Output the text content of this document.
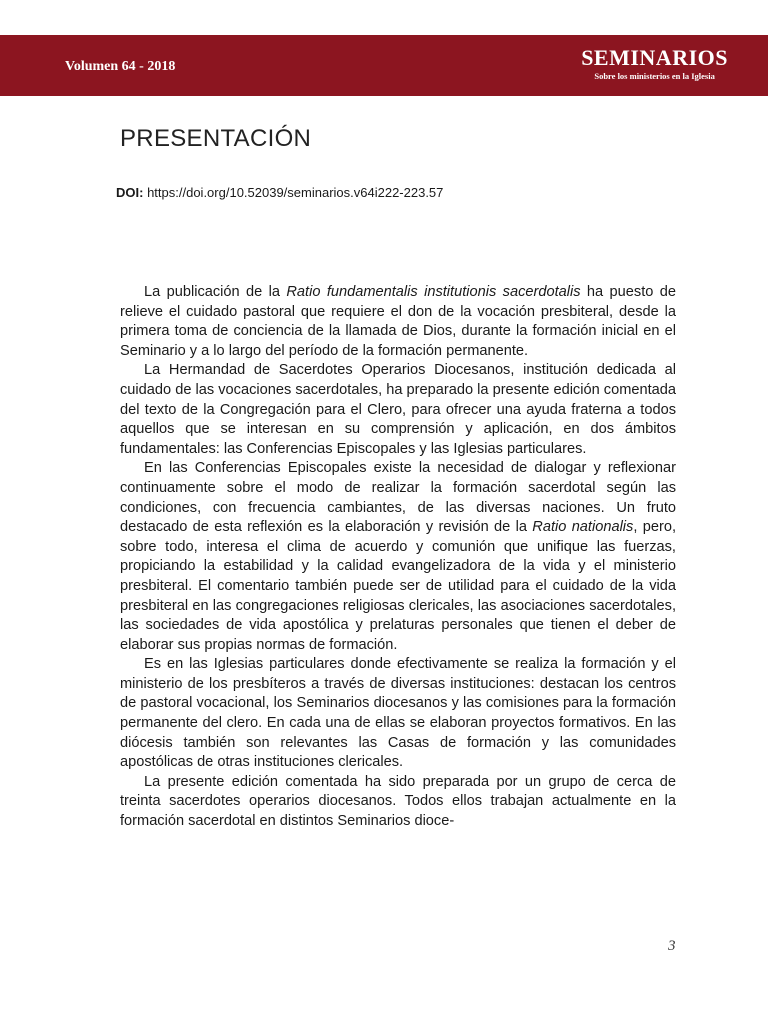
Volumen 64 - 2018	SEMINARIOS
Sobre los ministerios en la Iglesia
PRESENTACIÓN
DOI: https://doi.org/10.52039/seminarios.v64i222-223.57

La publicación de la Ratio fundamentalis institutionis sacerdotalis ha puesto de relieve el cuidado pastoral que requiere el don de la vocación presbiteral, desde la primera toma de conciencia de la llamada de Dios, durante la formación inicial en el Seminario y a lo largo del período de la formación permanente.

La Hermandad de Sacerdotes Operarios Diocesanos, institución dedicada al cuidado de las vocaciones sacerdotales, ha preparado la presente edición comentada del texto de la Congregación para el Clero, para ofrecer una ayuda fraterna a todos aquellos que se interesan en su comprensión y aplicación, en dos ámbitos fundamentales: las Conferencias Episcopales y las Iglesias particulares.

En las Conferencias Episcopales existe la necesidad de dialogar y reflexionar continuamente sobre el modo de realizar la formación sacerdotal según las condiciones, con frecuencia cambiantes, de las diversas naciones. Un fruto destacado de esta reflexión es la elaboración y revisión de la Ratio nationalis, pero, sobre todo, interesa el clima de acuerdo y comunión que unifique las fuerzas, propiciando la estabilidad y la calidad evangelizadora de la vida y el ministerio presbiteral. El comentario también puede ser de utilidad para el cuidado de la vida presbiteral en las congregaciones religiosas clericales, las asociaciones sacerdotales, las sociedades de vida apostólica y prelaturas personales que tienen el deber de elaborar sus propias normas de formación.

Es en las Iglesias particulares donde efectivamente se realiza la formación y el ministerio de los presbíteros a través de diversas instituciones: destacan los centros de pastoral vocacional, los Seminarios diocesanos y las comisiones para la formación permanente del clero. En cada una de ellas se elaboran proyectos formativos. En las diócesis también son relevantes las Casas de formación y las comunidades apostólicas de otras instituciones clericales.

La presente edición comentada ha sido preparada por un grupo de cerca de treinta sacerdotes operarios diocesanos. Todos ellos trabajan actualmente en la formación sacerdotal en distintos Seminarios dioce-

3
